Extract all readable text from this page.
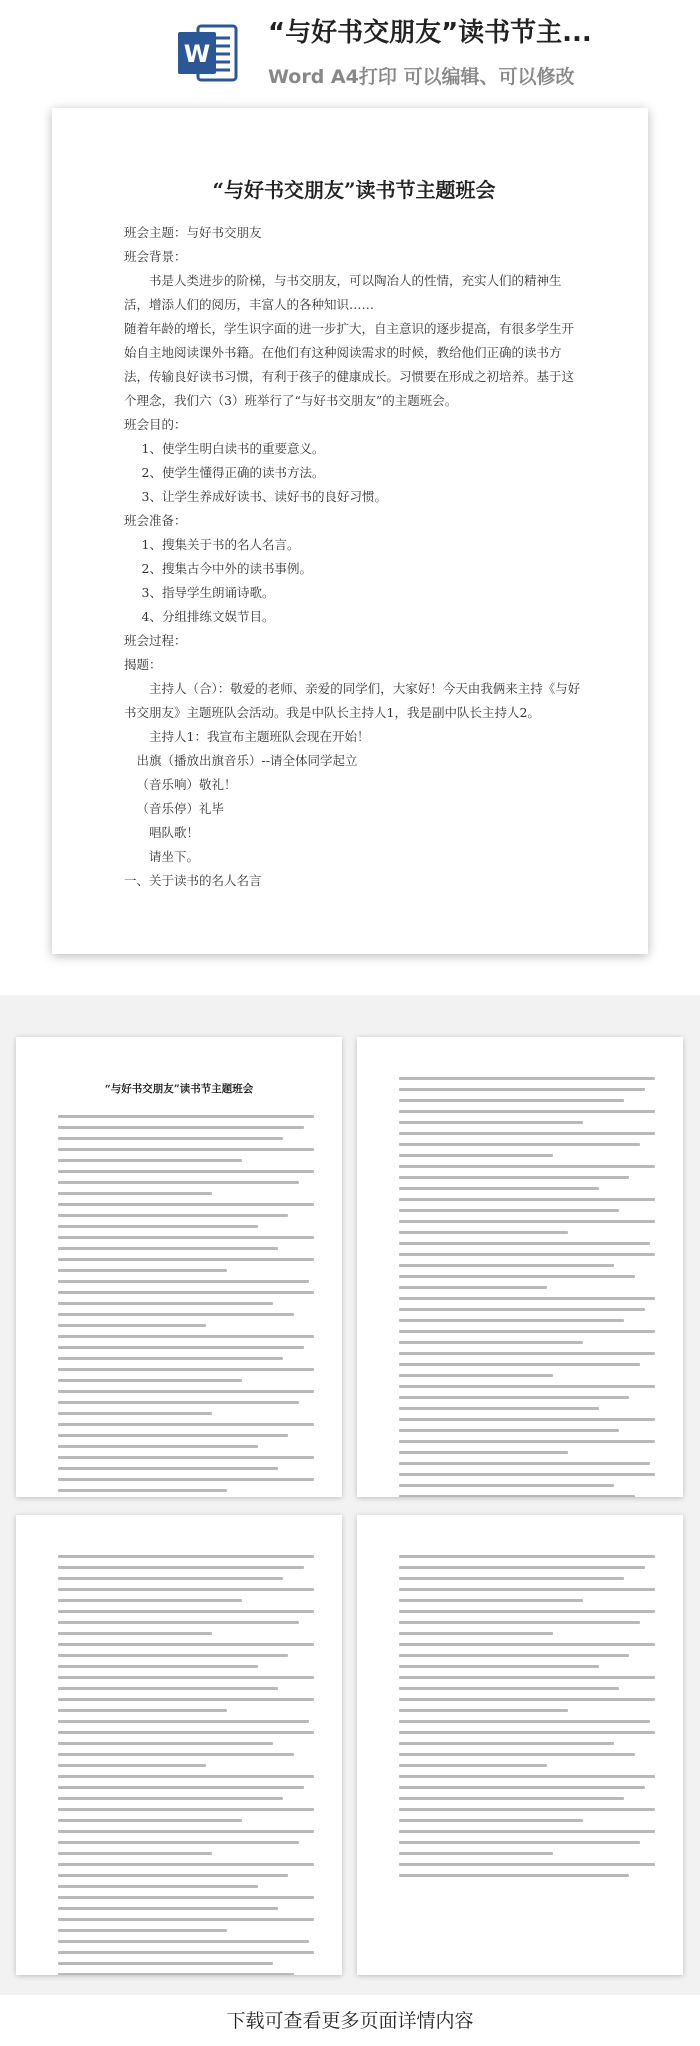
W
“与好书交朋友”读书节主...
Word A4打印 可以编辑、可以修改
“与好书交朋友”读书节主题班会

班会主题：与好书交朋友

班会背景：

书是人类进步的阶梯，与书交朋友，可以陶冶人的性情，充实人们的精神生活，增添人们的阅历，丰富人的各种知识……

随着年龄的增长，学生识字面的进一步扩大，自主意识的逐步提高，有很多学生开始自主地阅读课外书籍。在他们有这种阅读需求的时候，教给他们正确的读书方法，传输良好读书习惯，有利于孩子的健康成长。习惯要在形成之初培养。基于这个理念，我们六（3）班举行了“与好书交朋友”的主题班会。

班会目的：

1、使学生明白读书的重要意义。

2、使学生懂得正确的读书方法。

3、让学生养成好读书、读好书的良好习惯。

班会准备：

1、搜集关于书的名人名言。

2、搜集古今中外的读书事例。

3、指导学生朗诵诗歌。

4、分组排练文娱节目。

班会过程：

揭题：

主持人（合）：敬爱的老师、亲爱的同学们，大家好！今天由我俩来主持《与好书交朋友》主题班队会活动。我是中队长主持人1，我是副中队长主持人2。

主持人1：我宣布主题班队会现在开始！

出旗（播放出旗音乐）--请全体同学起立

（音乐响）敬礼！

（音乐停）礼毕

唱队歌！

请坐下。

一、关于读书的名人名言

“与好书交朋友”读书节主题班会
下载可查看更多页面详情内容
